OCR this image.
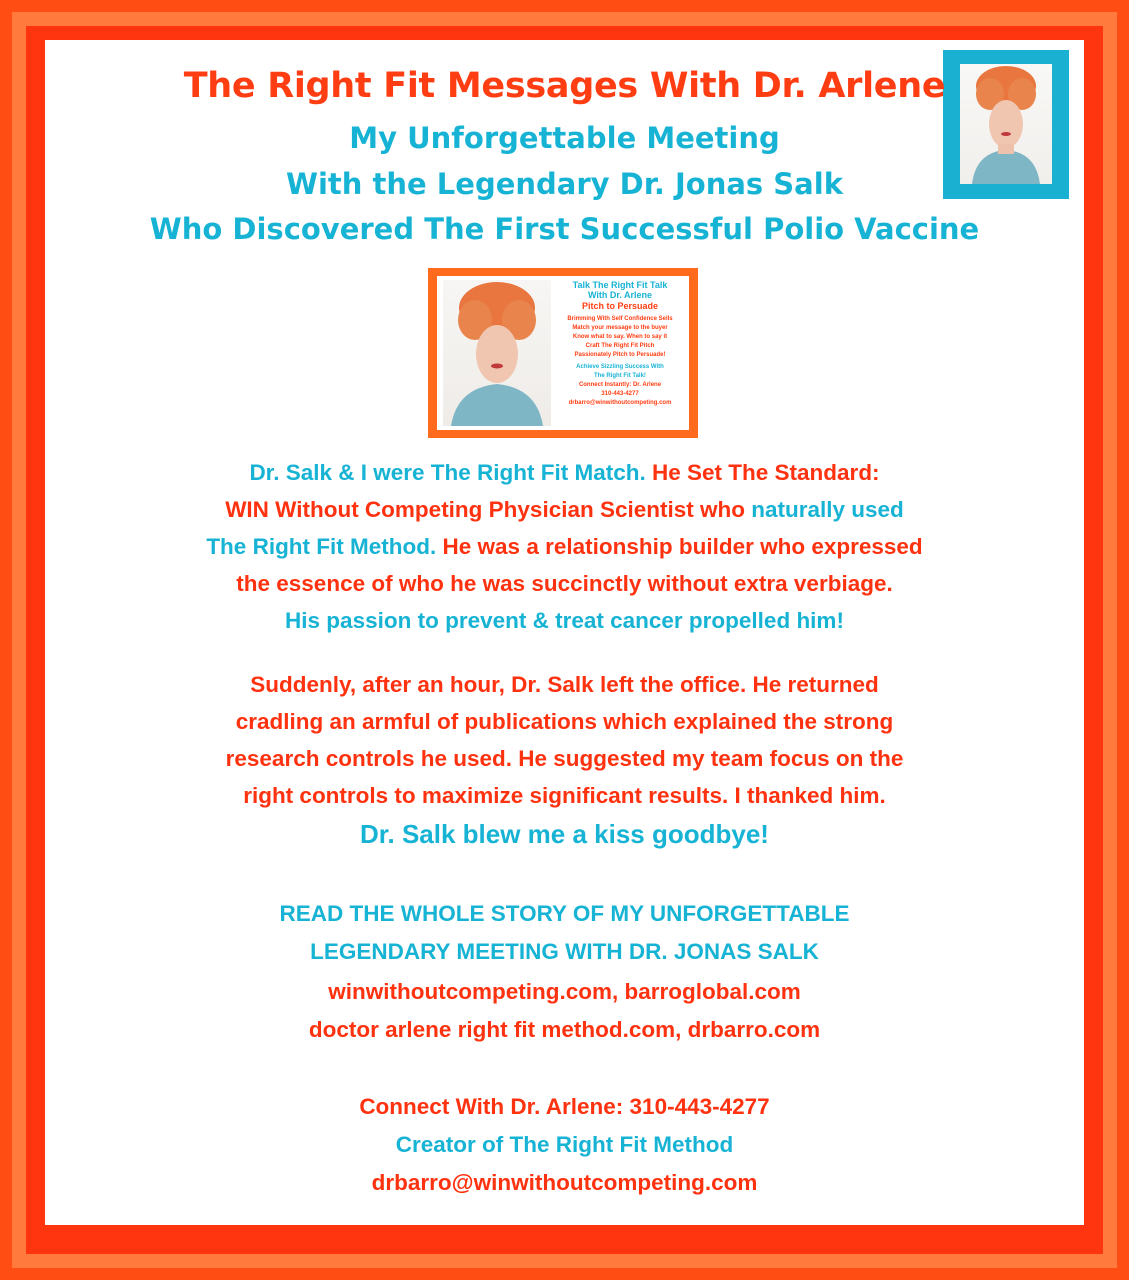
The Right Fit Messages With Dr. Arlene
My Unforgettable Meeting
With the Legendary Dr. Jonas Salk
Who Discovered The First Successful Polio Vaccine
Talk The Right Fit Talk
With Dr. Arlene
Pitch to Persuade
Brimming With Self Confidence Sells
Match your message to the buyer
Know what to say. When to say it
Craft The Right Fit Pitch
Passionately Pitch to Persuade!
Achieve Sizzling Success With
The Right Fit Talk!
Connect Instantly: Dr. Arlene
310-443-4277
drbarro@winwithoutcompeting.com
Dr. Salk & I were The Right Fit Match. He Set The Standard:
WIN Without Competing Physician Scientist who naturally used
The Right Fit Method. He was a relationship builder who expressed
the essence of who he was succinctly without extra verbiage.
His passion to prevent & treat cancer propelled him!
Suddenly, after an hour, Dr. Salk left the office. He returned
cradling an armful of publications which explained the strong
research controls he used. He suggested my team focus on the
right controls to maximize significant results. I thanked him.
Dr. Salk blew me a kiss goodbye!
READ THE WHOLE STORY OF MY UNFORGETTABLE
LEGENDARY MEETING WITH DR. JONAS SALK
winwithoutcompeting.com, barroglobal.com
doctor arlene right fit method.com, drbarro.com
Connect With Dr. Arlene: 310-443-4277
Creator of The Right Fit Method
drbarro@winwithoutcompeting.com
